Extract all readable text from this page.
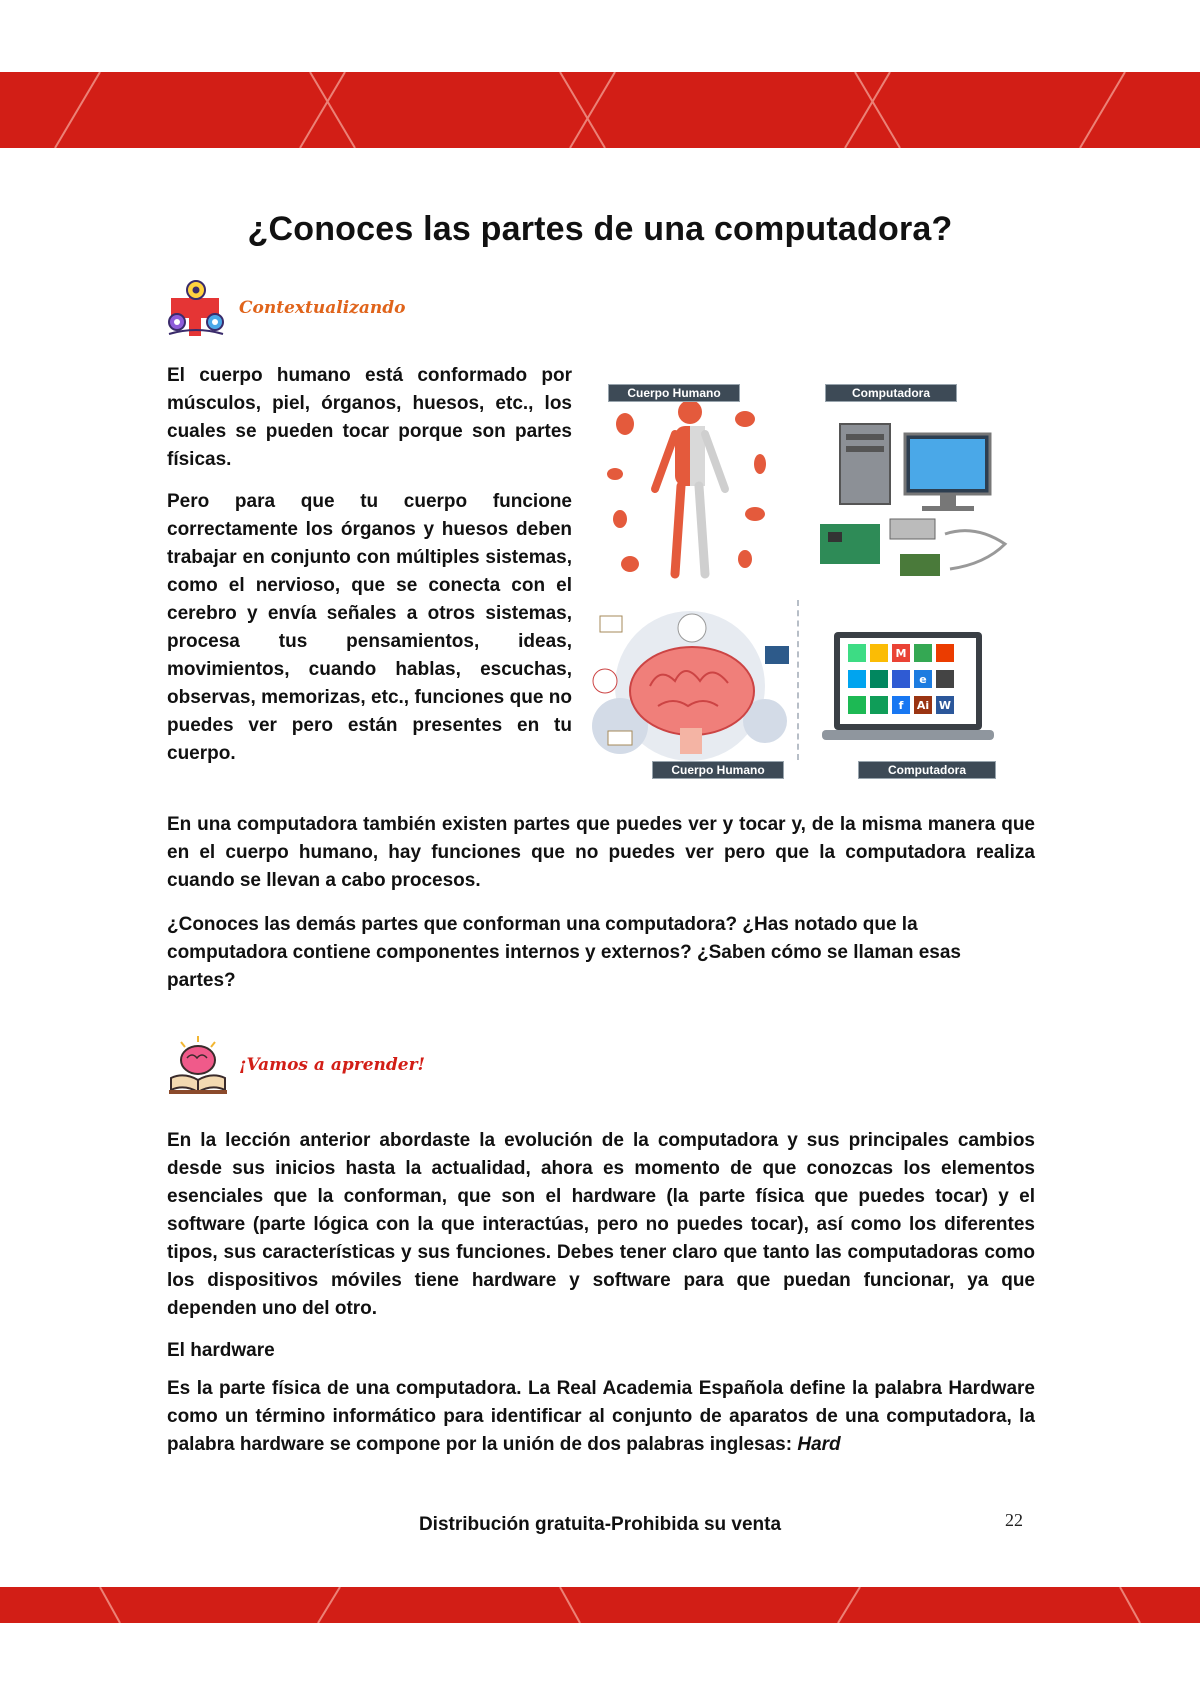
¿Conoces las partes de una computadora?
Contextualizando

El cuerpo humano está conformado por músculos, piel, órganos, huesos, etc., los cuales se pueden tocar porque son partes físicas.

Pero para que tu cuerpo funcione correctamente los órganos y huesos deben trabajar en conjunto con múltiples sistemas, como el nervioso, que se conecta con el cerebro y envía señales a otros sistemas, procesa tus pensamientos, ideas, movimientos, cuando hablas, escuchas, observas, memorizas, etc., funciones que no puedes ver pero están presentes en tu cuerpo.

Cuerpo Humano	Computadora
M
e
f Ai W
Cuerpo Humano	Computadora

En una computadora también existen partes que puedes ver y tocar y, de la misma manera que en el cuerpo humano, hay funciones que no puedes ver pero que la computadora realiza cuando se llevan a cabo procesos.

¿Conoces las demás partes que conforman una computadora? ¿Has notado que la computadora contiene componentes internos y externos? ¿Saben cómo se llaman esas partes?

¡Vamos a aprender!

En la lección anterior abordaste la evolución de la computadora y sus principales cambios desde sus inicios hasta la actualidad, ahora es momento de que conozcas los elementos esenciales que la conforman, que son el hardware (la parte física que puedes tocar) y el software (parte lógica con la que interactúas, pero no puedes tocar), así como los diferentes tipos, sus características y sus funciones. Debes tener claro que tanto las computadoras como los dispositivos móviles tiene hardware y software para que puedan funcionar, ya que dependen uno del otro.

El hardware

Es la parte física de una computadora. La Real Academia Española define la palabra Hardware como un término informático para identificar al conjunto de aparatos de una computadora, la palabra hardware se compone por la unión de dos palabras inglesas: Hard

Distribución gratuita-Prohibida su venta	22
